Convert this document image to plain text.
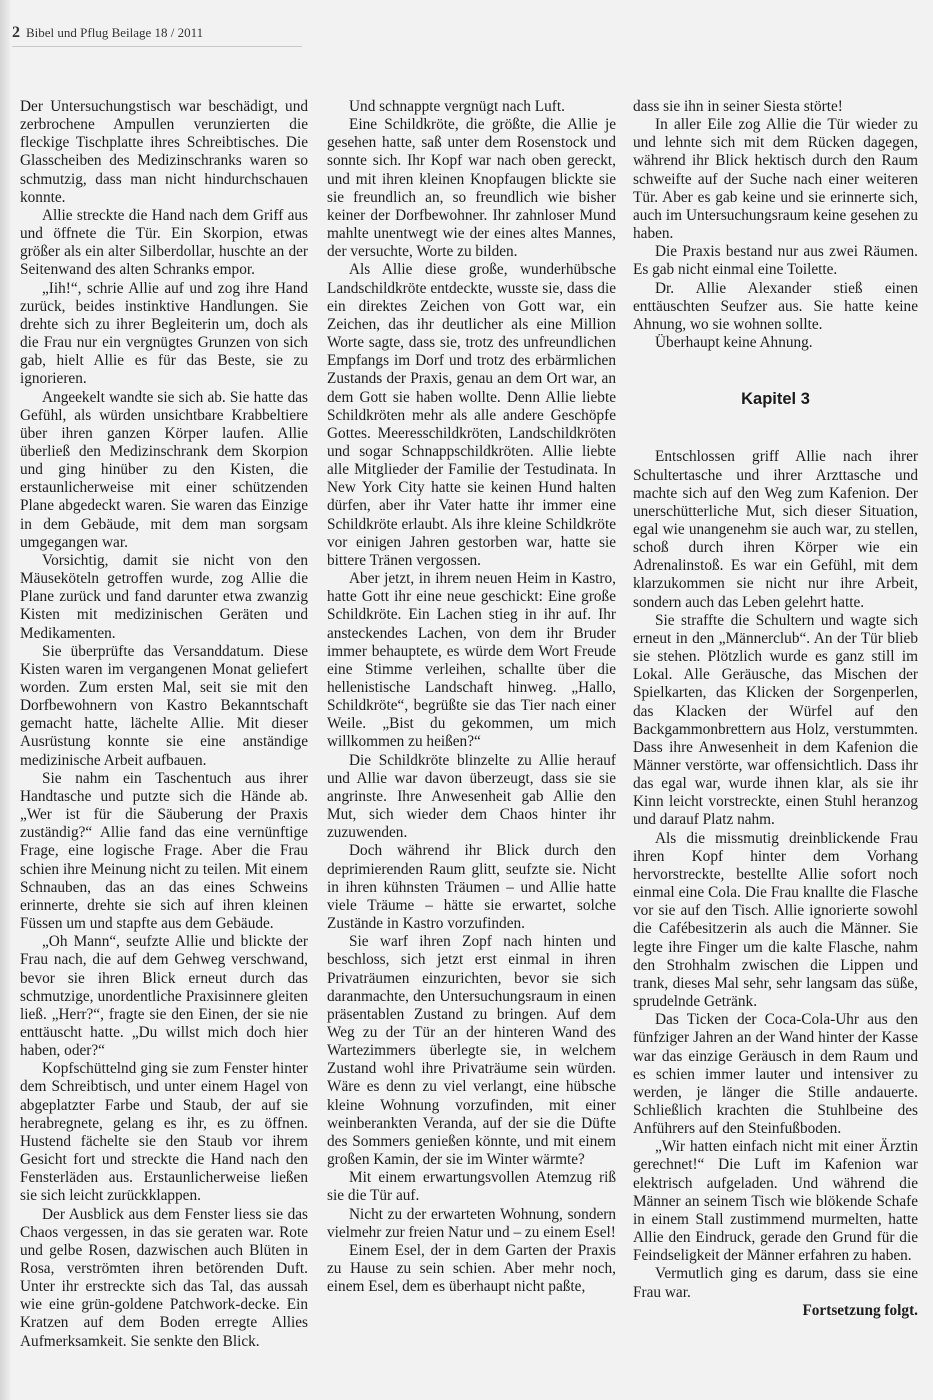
2 Bibel und Pflug Beilage 18 / 2011

Der Untersuchungstisch war beschädigt, und zerbrochene Ampullen verunzierten die fleckige Tischplatte ihres Schreibtisches. Die Glasscheiben des Medizinschranks waren so schmutzig, dass man nicht hindurchschauen konnte.

Allie streckte die Hand nach dem Griff aus und öffnete die Tür. Ein Skorpion, etwas größer als ein alter Silberdollar, huschte an der Seitenwand des alten Schranks empor.

„Iih!“, schrie Allie auf und zog ihre Hand zurück, beides instinktive Handlungen. Sie drehte sich zu ihrer Begleiterin um, doch als die Frau nur ein vergnügtes Grunzen von sich gab, hielt Allie es für das Beste, sie zu ignorieren.

Angeekelt wandte sie sich ab. Sie hatte das Gefühl, als würden unsichtbare Krabbeltiere über ihren ganzen Körper laufen. Allie überließ den Medizinschrank dem Skorpion und ging hinüber zu den Kisten, die erstaunlicherweise mit einer schützenden Plane abgedeckt waren. Sie waren das Einzige in dem Gebäude, mit dem man sorgsam umgegangen war.

Vorsichtig, damit sie nicht von den Mäuseköteln getroffen wurde, zog Allie die Plane zurück und fand darunter etwa zwanzig Kisten mit medizinischen Geräten und Medikamenten.

Sie überprüfte das Versanddatum. Diese Kisten waren im vergangenen Monat geliefert worden. Zum ersten Mal, seit sie mit den Dorfbewohnern von Kastro Bekanntschaft gemacht hatte, lächelte Allie. Mit dieser Ausrüstung konnte sie eine anständige medizinische Arbeit aufbauen.

Sie nahm ein Taschentuch aus ihrer Handtasche und putzte sich die Hände ab. „Wer ist für die Säuberung der Praxis zuständig?“ Allie fand das eine vernünftige Frage, eine logische Frage. Aber die Frau schien ihre Meinung nicht zu teilen. Mit einem Schnauben, das an das eines Schweins erinnerte, drehte sie sich auf ihren kleinen Füssen um und stapfte aus dem Gebäude.

„Oh Mann“, seufzte Allie und blickte der Frau nach, die auf dem Gehweg verschwand, bevor sie ihren Blick erneut durch das schmutzige, unordentliche Praxisinnere gleiten ließ. „Herr?“, fragte sie den Einen, der sie nie enttäuscht hatte. „Du willst mich doch hier haben, oder?“

Kopfschüttelnd ging sie zum Fenster hinter dem Schreibtisch, und unter einem Hagel von abgeplatzter Farbe und Staub, der auf sie herabregnete, gelang es ihr, es zu öffnen. Hustend fächelte sie den Staub vor ihrem Gesicht fort und streckte die Hand nach den Fensterläden aus. Erstaunlicherweise ließen sie sich leicht zurückklappen.

Der Ausblick aus dem Fenster liess sie das Chaos vergessen, in das sie geraten war. Rote und gelbe Rosen, dazwischen auch Blüten in Rosa, verströmten ihren betörenden Duft. Unter ihr erstreckte sich das Tal, das aussah wie eine grün-goldene Patchwork-decke. Ein Kratzen auf dem Boden erregte Allies Aufmerksamkeit. Sie senkte den Blick.

Und schnappte vergnügt nach Luft.

Eine Schildkröte, die größte, die Allie je gesehen hatte, saß unter dem Rosenstock und sonnte sich. Ihr Kopf war nach oben gereckt, und mit ihren kleinen Knopfaugen blickte sie sie freundlich an, so freundlich wie bisher keiner der Dorfbewohner. Ihr zahnloser Mund mahlte unentwegt wie der eines altes Mannes, der versuchte, Worte zu bilden.

Als Allie diese große, wunderhübsche Landschildkröte entdeckte, wusste sie, dass die ein direktes Zeichen von Gott war, ein Zeichen, das ihr deutlicher als eine Million Worte sagte, dass sie, trotz des unfreundlichen Empfangs im Dorf und trotz des erbärmlichen Zustands der Praxis, genau an dem Ort war, an dem Gott sie haben wollte. Denn Allie liebte Schildkröten mehr als alle andere Geschöpfe Gottes. Meeresschildkröten, Landschildkröten und sogar Schnappschildkröten. Allie liebte alle Mitglieder der Familie der Testudinata. In New York City hatte sie keinen Hund halten dürfen, aber ihr Vater hatte ihr immer eine Schildkröte erlaubt. Als ihre kleine Schildkröte vor einigen Jahren gestorben war, hatte sie bittere Tränen vergossen.

Aber jetzt, in ihrem neuen Heim in Kastro, hatte Gott ihr eine neue geschickt: Eine große Schildkröte. Ein Lachen stieg in ihr auf. Ihr ansteckendes Lachen, von dem ihr Bruder immer behauptete, es würde dem Wort Freude eine Stimme verleihen, schallte über die hellenistische Landschaft hinweg. „Hallo, Schildkröte“, begrüßte sie das Tier nach einer Weile. „Bist du gekommen, um mich willkommen zu heißen?“

Die Schildkröte blinzelte zu Allie herauf und Allie war davon überzeugt, dass sie sie angrinste. Ihre Anwesenheit gab Allie den Mut, sich wieder dem Chaos hinter ihr zuzuwenden.

Doch während ihr Blick durch den deprimierenden Raum glitt, seufzte sie. Nicht in ihren kühnsten Träumen – und Allie hatte viele Träume – hätte sie erwartet, solche Zustände in Kastro vorzufinden.

Sie warf ihren Zopf nach hinten und beschloss, sich jetzt erst einmal in ihren Privaträumen einzurichten, bevor sie sich daranmachte, den Untersuchungsraum in einen präsentablen Zustand zu bringen. Auf dem Weg zu der Tür an der hinteren Wand des Wartezimmers überlegte sie, in welchem Zustand wohl ihre Privaträume sein würden. Wäre es denn zu viel verlangt, eine hübsche kleine Wohnung vorzufinden, mit einer weinberankten Veranda, auf der sie die Düfte des Sommers genießen könnte, und mit einem großen Kamin, der sie im Winter wärmte?

Mit einem erwartungsvollen Atemzug riß sie die Tür auf.

Nicht zu der erwarteten Wohnung, sondern vielmehr zur freien Natur und – zu einem Esel!

Einem Esel, der in dem Garten der Praxis zu Hause zu sein schien. Aber mehr noch, einem Esel, dem es überhaupt nicht paßte,

dass sie ihn in seiner Siesta störte!

In aller Eile zog Allie die Tür wieder zu und lehnte sich mit dem Rücken dagegen, während ihr Blick hektisch durch den Raum schweifte auf der Suche nach einer weiteren Tür. Aber es gab keine und sie erinnerte sich, auch im Untersuchungsraum keine gesehen zu haben.

Die Praxis bestand nur aus zwei Räumen. Es gab nicht einmal eine Toilette.

Dr. Allie Alexander stieß einen enttäuschten Seufzer aus. Sie hatte keine Ahnung, wo sie wohnen sollte.

Überhaupt keine Ahnung.

Kapitel 3

Entschlossen griff Allie nach ihrer Schultertasche und ihrer Arzttasche und machte sich auf den Weg zum Kafenion. Der unerschütterliche Mut, sich dieser Situation, egal wie unangenehm sie auch war, zu stellen, schoß durch ihren Körper wie ein Adrenalinstoß. Es war ein Gefühl, mit dem klarzukommen sie nicht nur ihre Arbeit, sondern auch das Leben gelehrt hatte.

Sie straffte die Schultern und wagte sich erneut in den „Männerclub“. An der Tür blieb sie stehen. Plötzlich wurde es ganz still im Lokal. Alle Geräusche, das Mischen der Spielkarten, das Klicken der Sorgenperlen, das Klacken der Würfel auf den Backgammonbrettern aus Holz, verstummten. Dass ihre Anwesenheit in dem Kafenion die Männer verstörte, war offensichtlich. Dass ihr das egal war, wurde ihnen klar, als sie ihr Kinn leicht vorstreckte, einen Stuhl heranzog und darauf Platz nahm.

Als die missmutig dreinblickende Frau ihren Kopf hinter dem Vorhang hervorstreckte, bestellte Allie sofort noch einmal eine Cola. Die Frau knallte die Flasche vor sie auf den Tisch. Allie ignorierte sowohl die Cafébesitzerin als auch die Männer. Sie legte ihre Finger um die kalte Flasche, nahm den Strohhalm zwischen die Lippen und trank, dieses Mal sehr, sehr langsam das süße, sprudelnde Getränk.

Das Ticken der Coca-Cola-Uhr aus den fünfziger Jahren an der Wand hinter der Kasse war das einzige Geräusch in dem Raum und es schien immer lauter und intensiver zu werden, je länger die Stille andauerte. Schließlich krachten die Stuhlbeine des Anführers auf den Steinfußboden.

„Wir hatten einfach nicht mit einer Ärztin gerechnet!“ Die Luft im Kafenion war elektrisch aufgeladen. Und während die Männer an seinem Tisch wie blökende Schafe in einem Stall zustimmend murmelten, hatte Allie den Eindruck, gerade den Grund für die Feindseligkeit der Männer erfahren zu haben.

Vermutlich ging es darum, dass sie eine Frau war.

Fortsetzung folgt.
